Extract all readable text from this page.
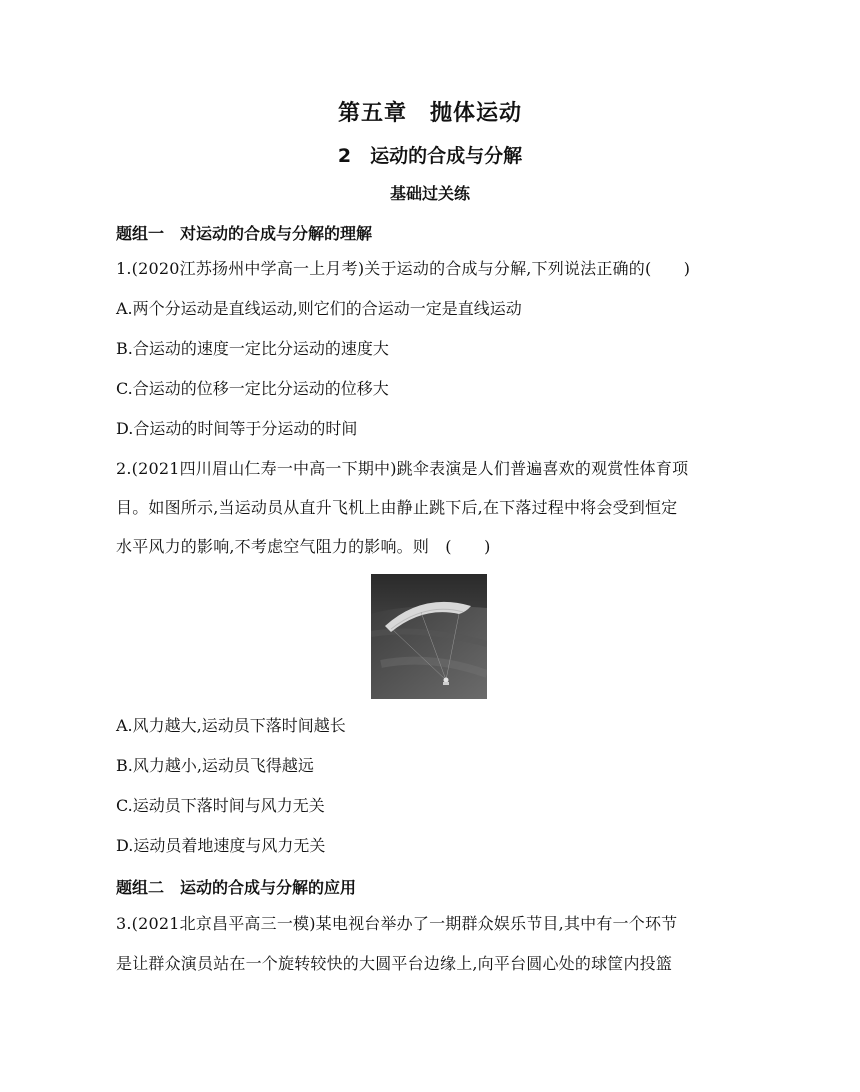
第五章　抛体运动
2　运动的合成与分解
基础过关练
题组一　对运动的合成与分解的理解
1.(2020江苏扬州中学高一上月考)关于运动的合成与分解,下列说法正确的(　　)
A.两个分运动是直线运动,则它们的合运动一定是直线运动
B.合运动的速度一定比分运动的速度大
C.合运动的位移一定比分运动的位移大
D.合运动的时间等于分运动的时间
2.(2021四川眉山仁寿一中高一下期中)跳伞表演是人们普遍喜欢的观赏性体育项
目。如图所示,当运动员从直升飞机上由静止跳下后,在下落过程中将会受到恒定
水平风力的影响,不考虑空气阻力的影响。则　(　　)
A.风力越大,运动员下落时间越长
B.风力越小,运动员飞得越远
C.运动员下落时间与风力无关
D.运动员着地速度与风力无关
题组二　运动的合成与分解的应用
3.(2021北京昌平高三一模)某电视台举办了一期群众娱乐节目,其中有一个环节
是让群众演员站在一个旋转较快的大圆平台边缘上,向平台圆心处的球筐内投篮
